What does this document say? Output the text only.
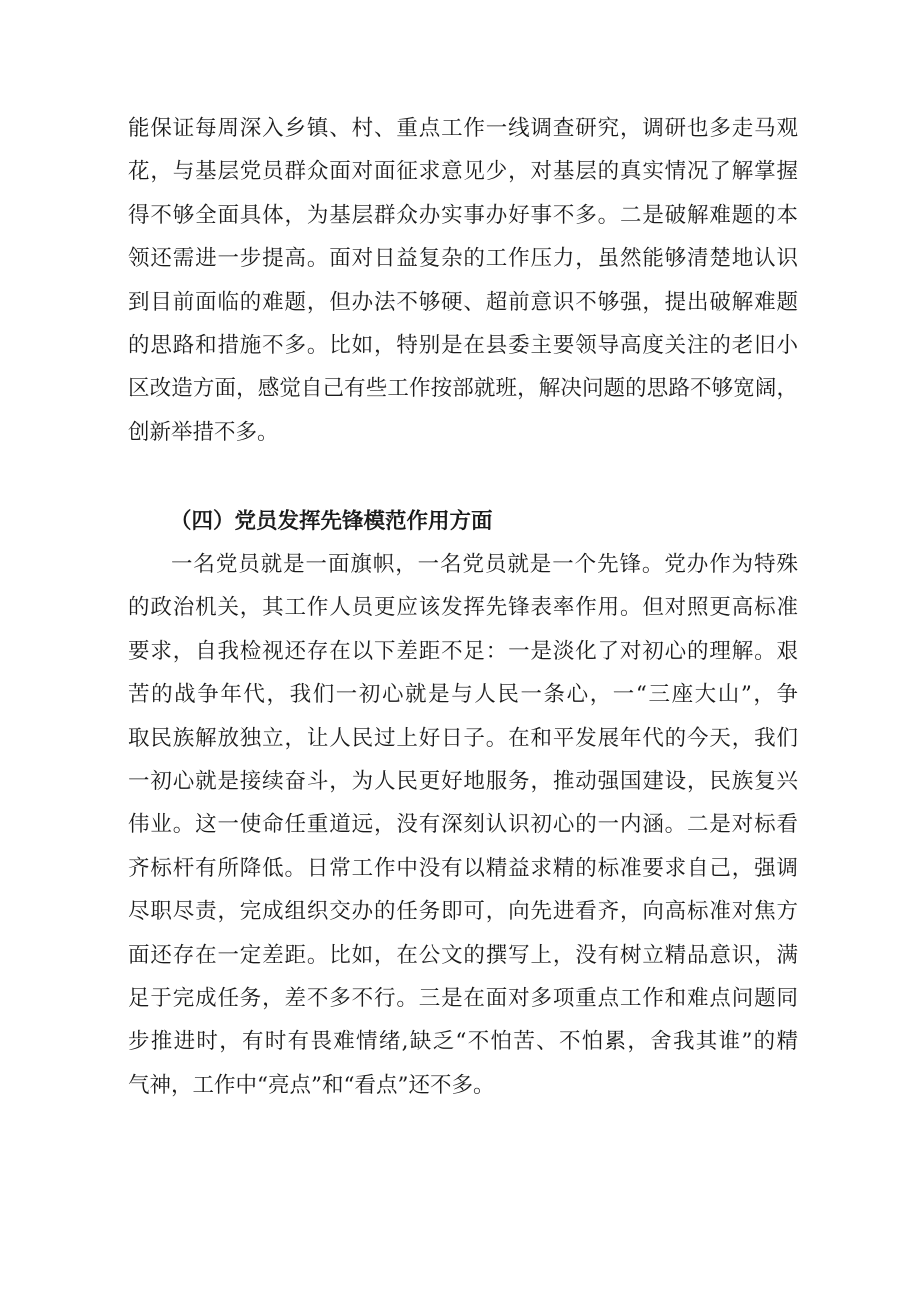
能保证每周深入乡镇、村、重点工作一线调查研究，调研也多走马观
花，与基层党员群众面对面征求意见少，对基层的真实情况了解掌握
得不够全面具体，为基层群众办实事办好事不多。二是破解难题的本
领还需进一步提高。面对日益复杂的工作压力，虽然能够清楚地认识
到目前面临的难题，但办法不够硬、超前意识不够强，提出破解难题
的思路和措施不多。比如，特别是在县委主要领导高度关注的老旧小
区改造方面，感觉自己有些工作按部就班，解决问题的思路不够宽阔，
创新举措不多。
（四）党员发挥先锋模范作用方面
一名党员就是一面旗帜，一名党员就是一个先锋。党办作为特殊
的政治机关，其工作人员更应该发挥先锋表率作用。但对照更高标准
要求，自我检视还存在以下差距不足：一是淡化了对初心的理解。艰
苦的战争年代，我们一初心就是与人民一条心，一“三座大山”，争
取民族解放独立，让人民过上好日子。在和平发展年代的今天，我们
一初心就是接续奋斗，为人民更好地服务，推动强国建设，民族复兴
伟业。这一使命任重道远，没有深刻认识初心的一内涵。二是对标看
齐标杆有所降低。日常工作中没有以精益求精的标准要求自己，强调
尽职尽责，完成组织交办的任务即可，向先进看齐，向高标准对焦方
面还存在一定差距。比如，在公文的撰写上，没有树立精品意识，满
足于完成任务，差不多不行。三是在面对多项重点工作和难点问题同
步推进时，有时有畏难情绪,缺乏“不怕苦、不怕累，舍我其谁”的精
气神，工作中“亮点”和“看点”还不多。
